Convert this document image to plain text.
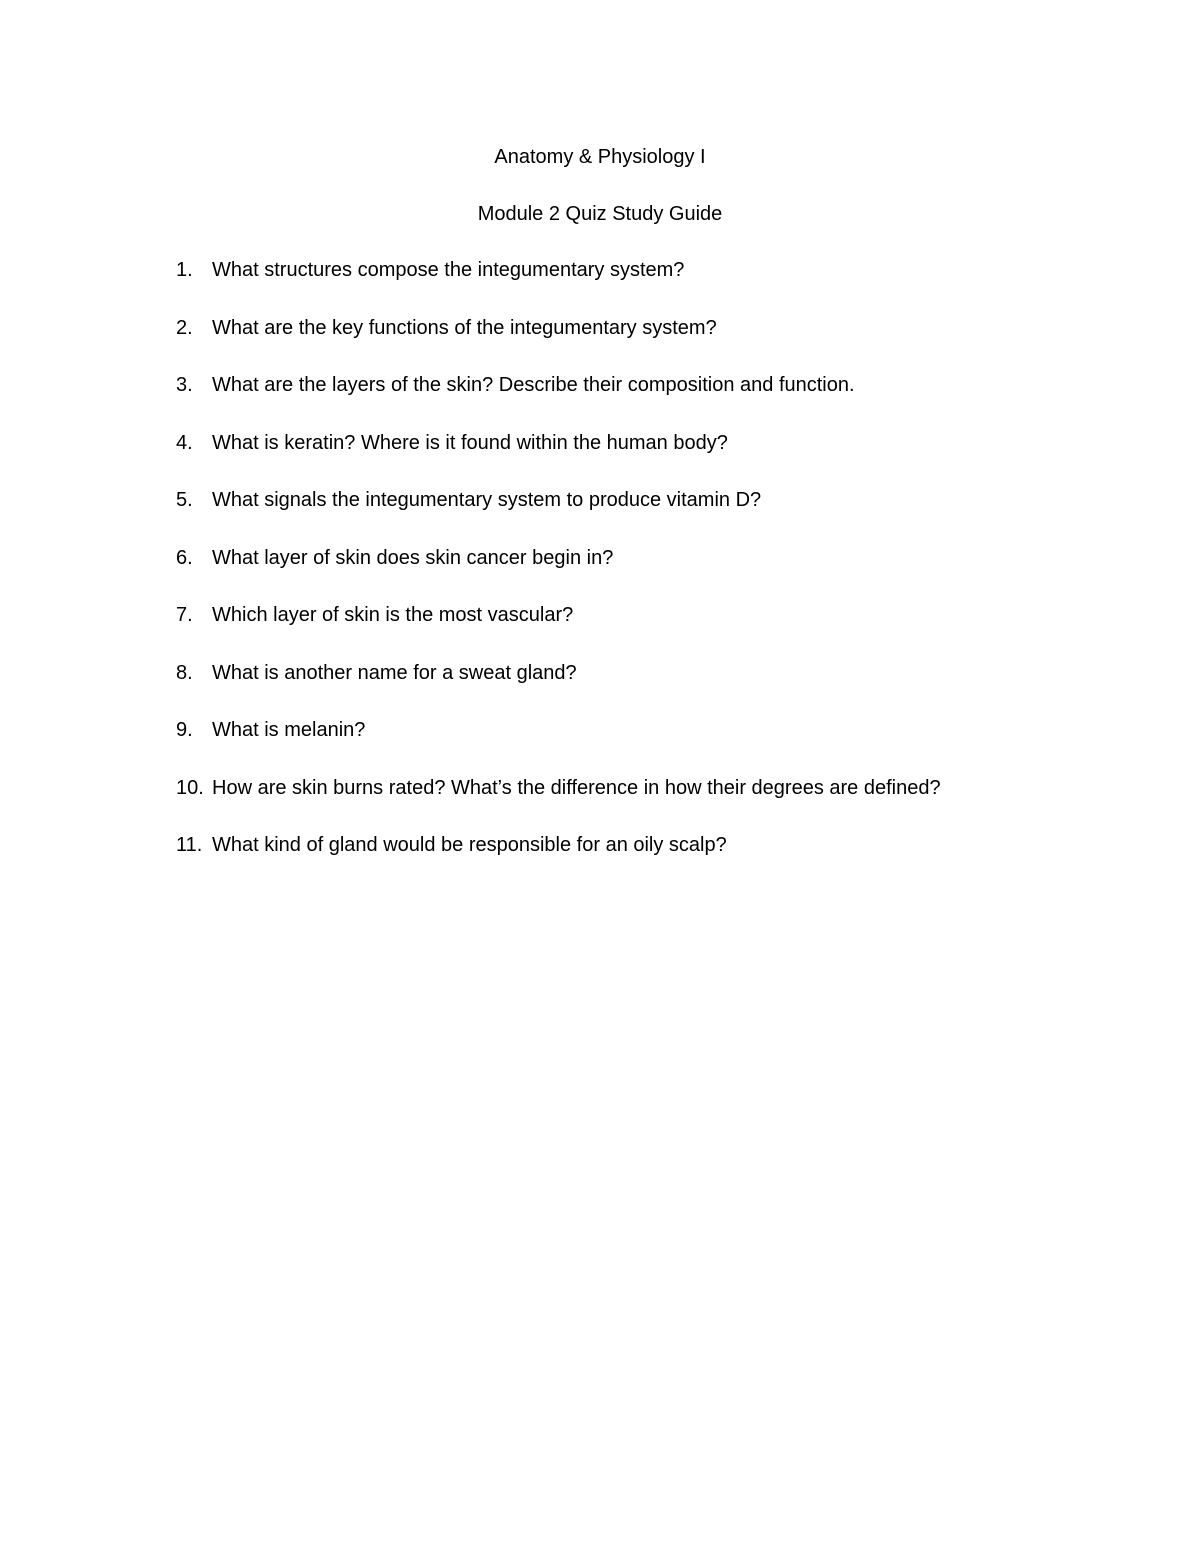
Anatomy & Physiology I
Module 2 Quiz Study Guide
1. What structures compose the integumentary system?
2. What are the key functions of the integumentary system?
3. What are the layers of the skin? Describe their composition and function.
4. What is keratin? Where is it found within the human body?
5. What signals the integumentary system to produce vitamin D?
6. What layer of skin does skin cancer begin in?
7. Which layer of skin is the most vascular?
8. What is another name for a sweat gland?
9. What is melanin?
10. How are skin burns rated? What’s the difference in how their degrees are defined?
11. What kind of gland would be responsible for an oily scalp?
